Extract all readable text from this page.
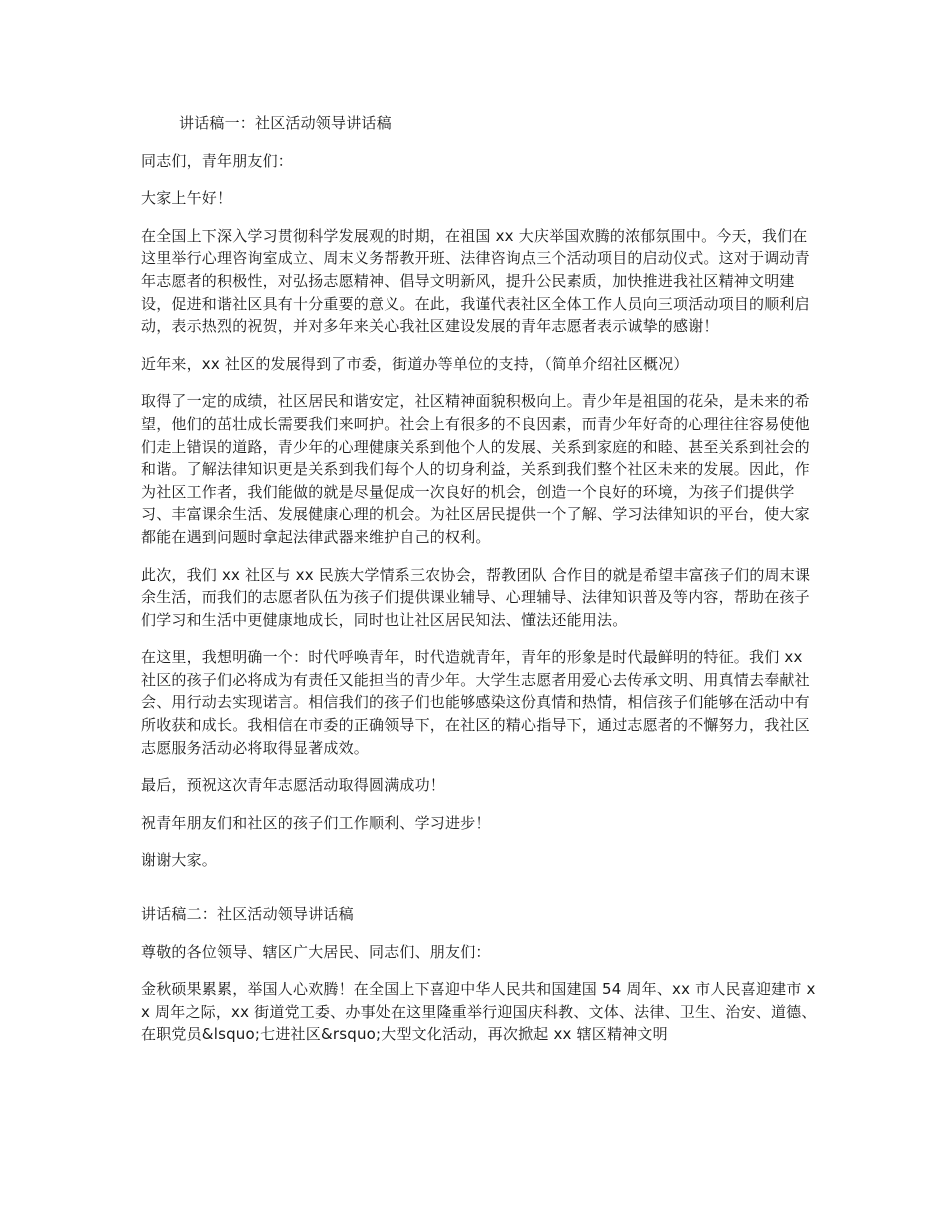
讲话稿一：社区活动领导讲话稿

同志们，青年朋友们：

大家上午好！

在全国上下深入学习贯彻科学发展观的时期，在祖国 xx 大庆举国欢腾的浓郁氛围中。今天，我们在这里举行心理咨询室成立、周末义务帮教开班、法律咨询点三个活动项目的启动仪式。这对于调动青年志愿者的积极性，对弘扬志愿精神、倡导文明新风，提升公民素质，加快推进我社区精神文明建设，促进和谐社区具有十分重要的意义。在此，我谨代表社区全体工作人员向三项活动项目的顺利启动，表示热烈的祝贺，并对多年来关心我社区建设发展的青年志愿者表示诚挚的感谢！

近年来，xx 社区的发展得到了市委，街道办等单位的支持，（简单介绍社区概况）

取得了一定的成绩，社区居民和谐安定，社区精神面貌积极向上。青少年是祖国的花朵，是未来的希望，他们的茁壮成长需要我们来呵护。社会上有很多的不良因素，而青少年好奇的心理往往容易使他们走上错误的道路，青少年的心理健康关系到他个人的发展、关系到家庭的和睦、甚至关系到社会的和谐。了解法律知识更是关系到我们每个人的切身利益，关系到我们整个社区未来的发展。因此，作为社区工作者，我们能做的就是尽量促成一次良好的机会，创造一个良好的环境，为孩子们提供学习、丰富课余生活、发展健康心理的机会。为社区居民提供一个了解、学习法律知识的平台，使大家都能在遇到问题时拿起法律武器来维护自己的权利。

此次，我们 xx 社区与 xx 民族大学情系三农协会，帮教团队 合作目的就是希望丰富孩子们的周末课余生活，而我们的志愿者队伍为孩子们提供课业辅导、心理辅导、法律知识普及等内容，帮助在孩子们学习和生活中更健康地成长，同时也让社区居民知法、懂法还能用法。

在这里，我想明确一个：时代呼唤青年，时代造就青年，青年的形象是时代最鲜明的特征。我们 xx 社区的孩子们必将成为有责任又能担当的青少年。大学生志愿者用爱心去传承文明、用真情去奉献社会、用行动去实现诺言。相信我们的孩子们也能够感染这份真情和热情，相信孩子们能够在活动中有所收获和成长。我相信在市委的正确领导下，在社区的精心指导下，通过志愿者的不懈努力，我社区志愿服务活动必将取得显著成效。

最后，预祝这次青年志愿活动取得圆满成功！

祝青年朋友们和社区的孩子们工作顺利、学习进步！

谢谢大家。

讲话稿二：社区活动领导讲话稿

尊敬的各位领导、辖区广大居民、同志们、朋友们：

金秋硕果累累，举国人心欢腾！在全国上下喜迎中华人民共和国建国 54 周年、xx 市人民喜迎建市 xx 周年之际，xx 街道党工委、办事处在这里隆重举行迎国庆科教、文体、法律、卫生、治安、道德、在职党员&lsquo;七进社区&rsquo;大型文化活动，再次掀起 xx 辖区精神文明
